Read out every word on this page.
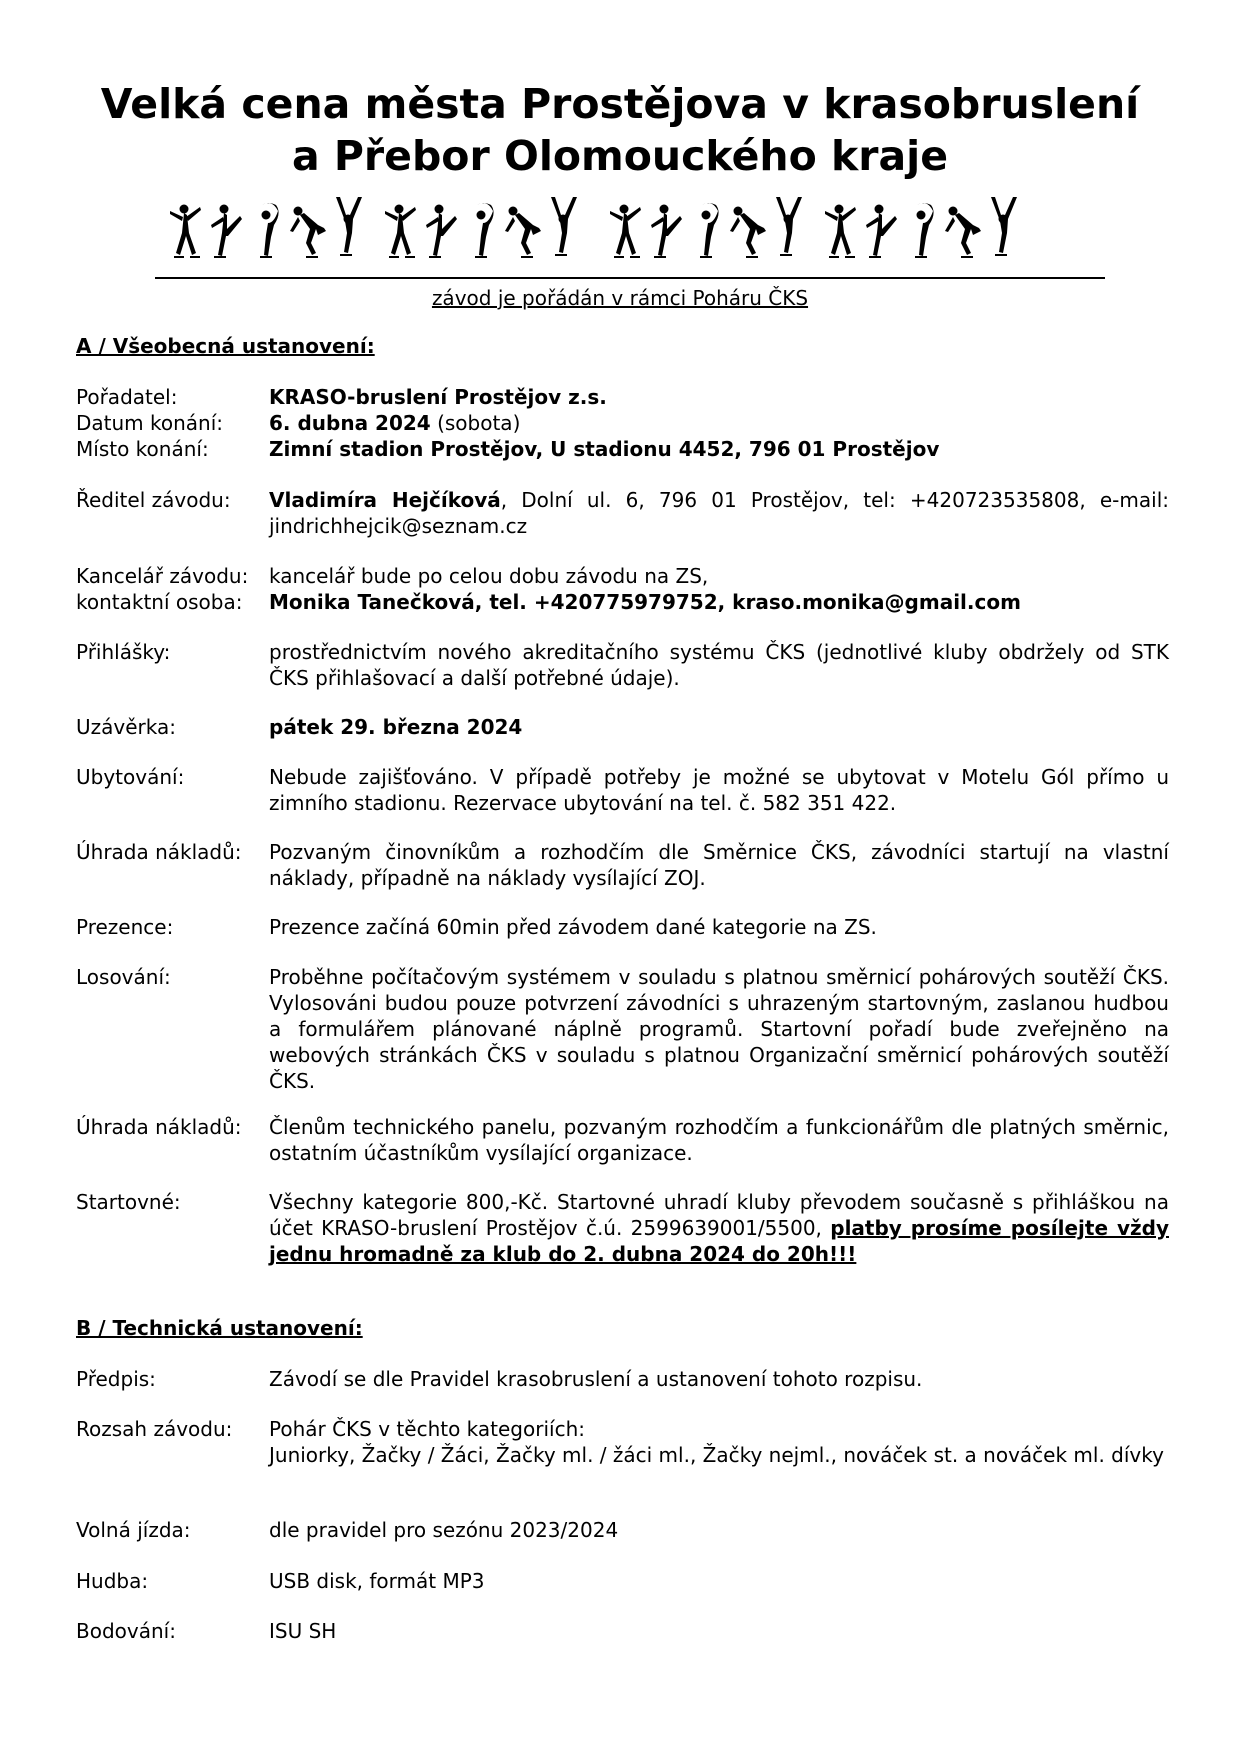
Velká cena města Prostějova v krasobruslení
a Přebor Olomouckého kraje
závod je pořádán v rámci Poháru ČKS
A / Všeobecná ustanovení:
Pořadatel:	KRASO-bruslení Prostějov z.s.
Datum konání: 6. dubna 2024 (sobota)
Místo konání:	Zimní stadion Prostějov, U stadionu 4452, 796 01 Prostějov
Ředitel závodu: Vladimíra Hejčíková, Dolní ul. 6, 796 01 Prostějov, tel: +420723535808, e-mail: jindrichhejcik@seznam.cz
Kancelář závodu: kancelář bude po celou dobu závodu na ZS,
kontaktní osoba: Monika Tanečková, tel. +420775979752, kraso.monika@gmail.com
Přihlášky:	prostřednictvím nového akreditačního systému ČKS (jednotlivé kluby obdržely od STK ČKS přihlašovací a další potřebné údaje).
Uzávěrka:	pátek 29. března 2024
Ubytování:	Nebude zajišťováno. V případě potřeby je možné se ubytovat v Motelu Gól přímo u zimního stadionu. Rezervace ubytování na tel. č. 582 351 422.
Úhrada nákladů: Pozvaným činovníkům a rozhodčím dle Směrnice ČKS, závodníci startují na vlastní náklady, případně na náklady vysílající ZOJ.
Prezence:	Prezence začíná 60min před závodem dané kategorie na ZS.
Losování:	Proběhne počítačovým systémem v souladu s platnou směrnicí pohárových soutěží ČKS. Vylosováni budou pouze potvrzení závodníci s uhrazeným startovným, zaslanou hudbou a formulářem plánované náplně programů. Startovní pořadí bude zveřejněno na webových stránkách ČKS v souladu s platnou Organizační směrnicí pohárových soutěží ČKS.
Úhrada nákladů: Členům technického panelu, pozvaným rozhodčím a funkcionářům dle platných směrnic, ostatním účastníkům vysílající organizace.
Startovné:	Všechny kategorie 800,-Kč. Startovné uhradí kluby převodem současně s přihláškou na účet KRASO-bruslení Prostějov č.ú. 2599639001/5500, platby prosíme posílejte vždy jednu hromadně za klub do 2. dubna 2024 do 20h!!!
B / Technická ustanovení:
Předpis:	Závodí se dle Pravidel krasobruslení a ustanovení tohoto rozpisu.
Rozsah závodu: Pohár ČKS v těchto kategoriích:
Juniorky, Žačky / Žáci, Žačky ml. / žáci ml., Žačky nejml., nováček st. a nováček ml. dívky
Volná jízda:	dle pravidel pro sezónu 2023/2024
Hudba:	USB disk, formát MP3
Bodování:	ISU SH
